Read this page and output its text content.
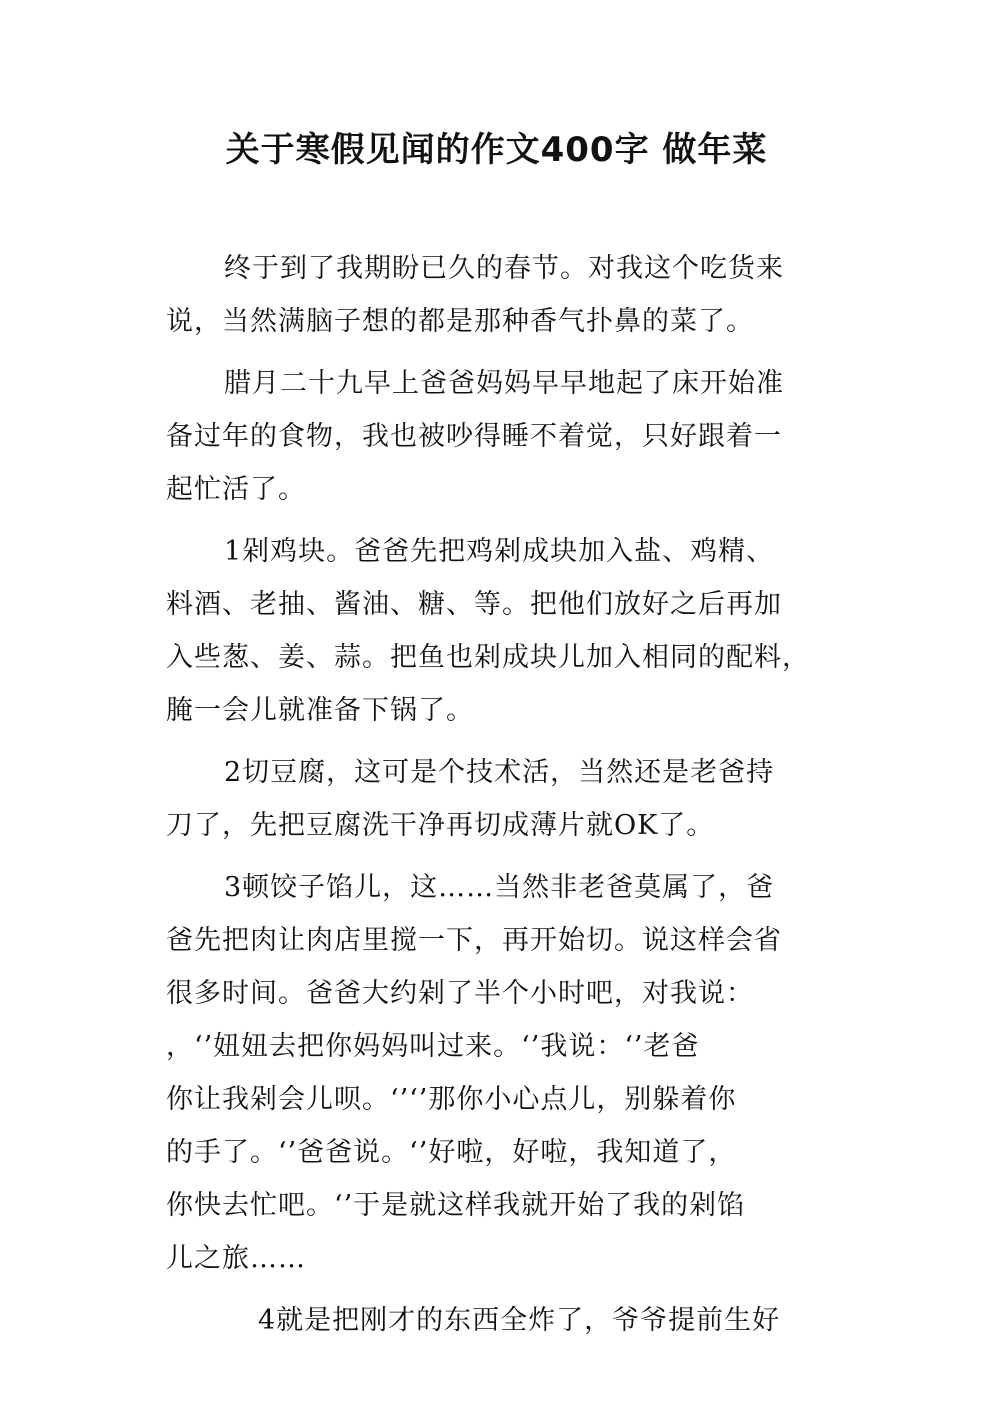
关于寒假见闻的作文400字 做年菜
终于到了我期盼已久的春节。对我这个吃货来
说，当然满脑子想的都是那种香气扑鼻的菜了。
腊月二十九早上爸爸妈妈早早地起了床开始准
备过年的食物，我也被吵得睡不着觉，只好跟着一
起忙活了。
1剁鸡块。爸爸先把鸡剁成块加入盐、鸡精、
料酒、老抽、酱油、糖、等。把他们放好之后再加
入些葱、姜、蒜。把鱼也剁成块儿加入相同的配料，
腌一会儿就准备下锅了。
2切豆腐，这可是个技术活，当然还是老爸持
刀了，先把豆腐洗干净再切成薄片就OK了。
3顿饺子馅儿，这……当然非老爸莫属了，爸
爸先把肉让肉店里搅一下，再开始切。说这样会省
很多时间。爸爸大约剁了半个小时吧，对我说：
，‘’妞妞去把你妈妈叫过来。‘’我说：‘’老爸
你让我剁会儿呗。‘’‘’那你小心点儿，别躲着你
的手了。‘’爸爸说。‘’好啦，好啦，我知道了，
你快去忙吧。‘’于是就这样我就开始了我的剁馅
儿之旅……
4就是把刚才的东西全炸了，爷爷提前生好
